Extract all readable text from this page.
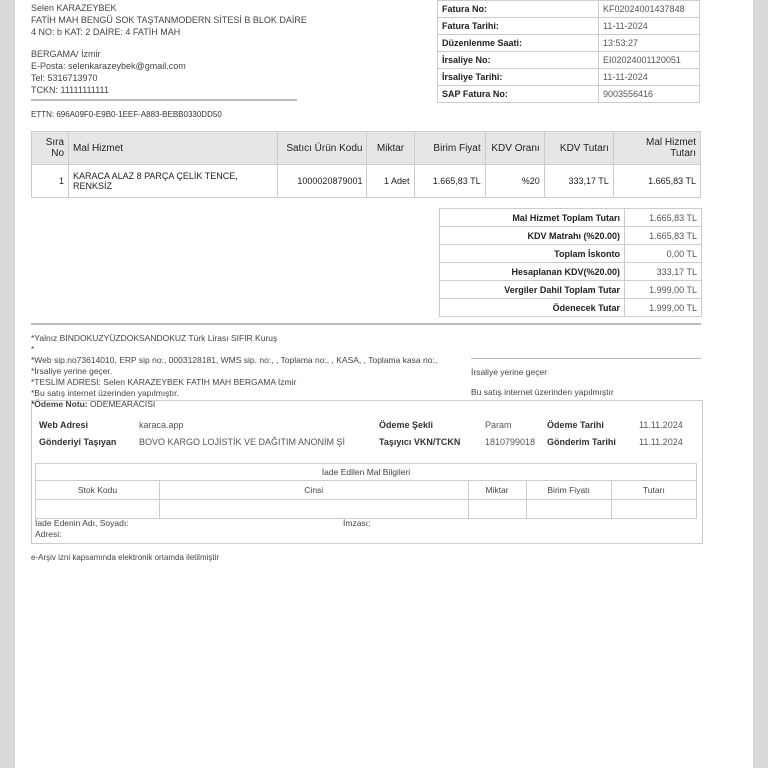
Selen KARAZEYBEK
FATİH MAH BENGÜ SOK TAŞTANMODERN SİTESİ B BLOK DAİRE
4 NO: b KAT: 2 DAİRE: 4 FATİH MAH
BERGAMA/ İzmir
E-Posta: selenkarazeybek@gmail.com
Tel: 5316713970
TCKN: 11111111111
Fatura No:	KF02024001437848
Fatura Tarihi:	11-11-2024
Düzenlenme Saati:	13:53:27
İrsaliye No:	EI02024001120051
İrsaliye Tarihi:	11-11-2024
SAP Fatura No:	9003556416
ETTN: 696A09F0-E9B0-1EEF-A883-BEBB0330DD50
Sıra No	Mal Hizmet	Satıcı Ürün Kodu	Miktar	Birim Fiyat	KDV Oranı	KDV Tutarı	Mal Hizmet Tutarı
1	KARACA ALAZ 8 PARÇA ÇELİK TENCE, RENKSİZ	1000020879001	1 Adet	1.665,83 TL	%20	333,17 TL	1.665,83 TL
Mal Hizmet Toplam Tutarı	1.665,83 TL
KDV Matrahı (%20.00)	1.665,83 TL
Toplam İskonto	0,00 TL
Hesaplanan KDV(%20.00)	333,17 TL
Vergiler Dahil Toplam Tutar	1.999,00 TL
Ödenecek Tutar	1.999,00 TL
*Yalnız BİNDOKUZYÜZDOKSANDOKUZ Türk Lirası SIFIR Kuruş
*
*Web sip.no73614010, ERP sip no:, 0003128181, WMS sip. no:, , Toplama no:, , KASA, , Toplama kasa no:,
*İrsaliye yerine geçer.
*TESLİM ADRESİ: Selen KARAZEYBEK FATİH MAH BERGAMA İzmir
*Bu satış internet üzerinden yapılmıştır.
*Ödeme Notu: ODEMEARACISI
İrsaliye yerine geçer
Bu satış internet üzerinden yapılmıştır
Web Adresi	karaca.app	Ödeme Şekli	Param	Ödeme Tarihi	11.11.2024
Gönderiyi Taşıyan	BOVO KARGO LOJİSTİK VE DAĞITIM ANONİM Şİ	Taşıyıcı VKN/TCKN	1810799018 Gönderim Tarihi	11.11.2024
İade Edilen Mal Bilgileri				
Stok Kodu	Cinsi	Miktar	Birim Fiyatı	Tutarı

İade Edenin Adı, Soyadı:
Adresi:
İmzası:
e-Arşiv izni kapsamında elektronik ortamda iletilmiştir
